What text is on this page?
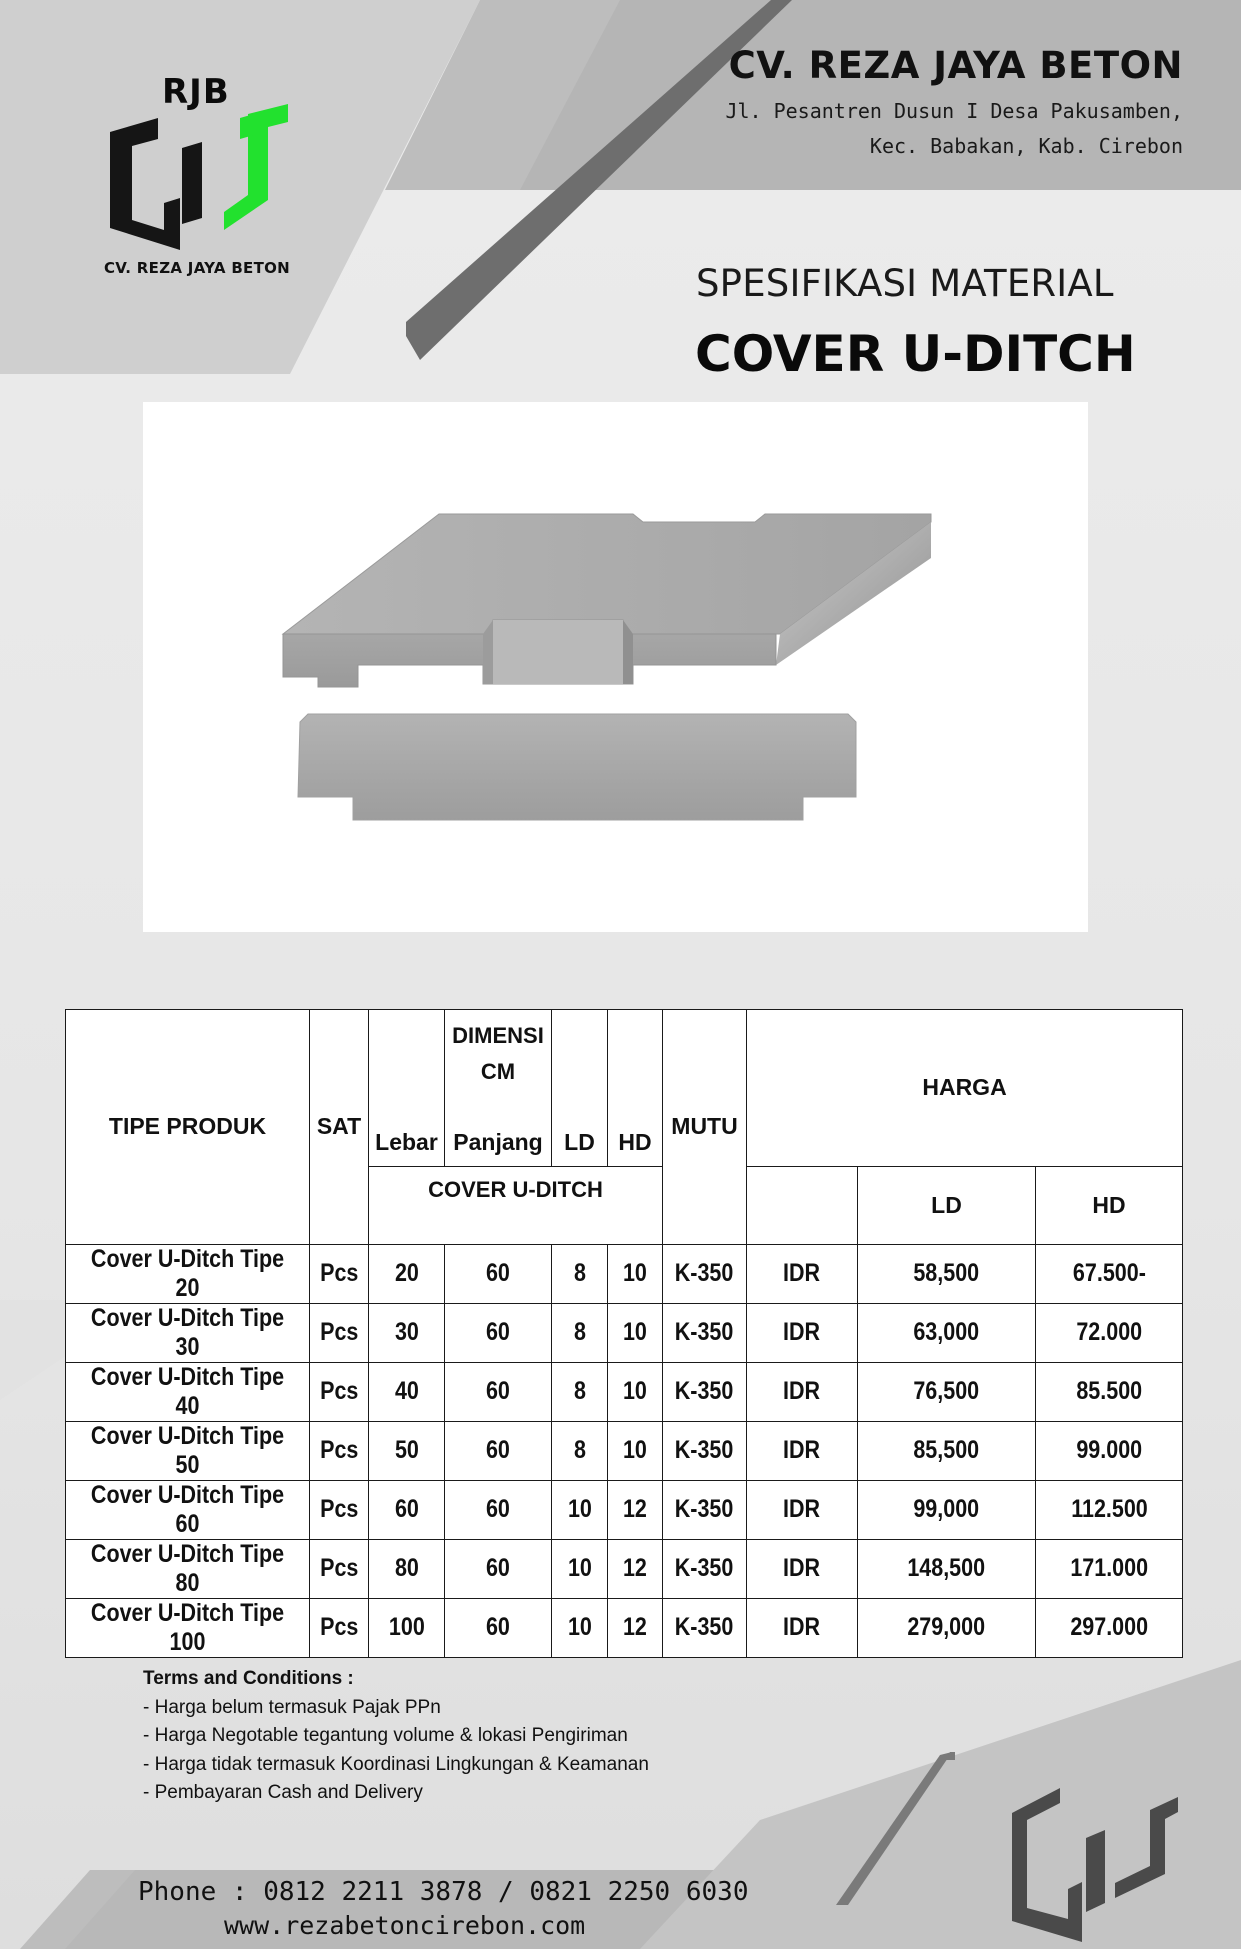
RJB
CV. REZA JAYA BETON
CV. REZA JAYA BETON
Jl. Pesantren Dusun I Desa Pakusamben,
Kec. Babakan, Kab. Cirebon
SPESIFIKASI MATERIAL
COVER U-DITCH
TIPE PRODUK	SAT		DIMENSI
CM			MUTU	HARGA		
		Lebar	Panjang	LD	HD				
		COVER U-DITCH						LD	HD
Cover U-Ditch Tipe 20	Pcs	20	60	8	10	K-350	IDR	58,500	67.500-
Cover U-Ditch Tipe 30	Pcs	30	60	8	10	K-350	IDR	63,000	72.000
Cover U-Ditch Tipe 40	Pcs	40	60	8	10	K-350	IDR	76,500	85.500
Cover U-Ditch Tipe 50	Pcs	50	60	8	10	K-350	IDR	85,500	99.000
Cover U-Ditch Tipe 60	Pcs	60	60	10	12	K-350	IDR	99,000	112.500
Cover U-Ditch Tipe 80	Pcs	80	60	10	12	K-350	IDR	148,500	171.000
Cover U-Ditch Tipe 100	Pcs	100	60	10	12	K-350	IDR	279,000	297.000
Terms and Conditions :
- Harga belum termasuk Pajak PPn
- Harga Negotable tegantung volume & lokasi Pengiriman
- Harga tidak termasuk Koordinasi Lingkungan & Keamanan
- Pembayaran Cash and Delivery
Phone : 0812 2211 3878 / 0821 2250 6030
www.rezabetoncirebon.com
